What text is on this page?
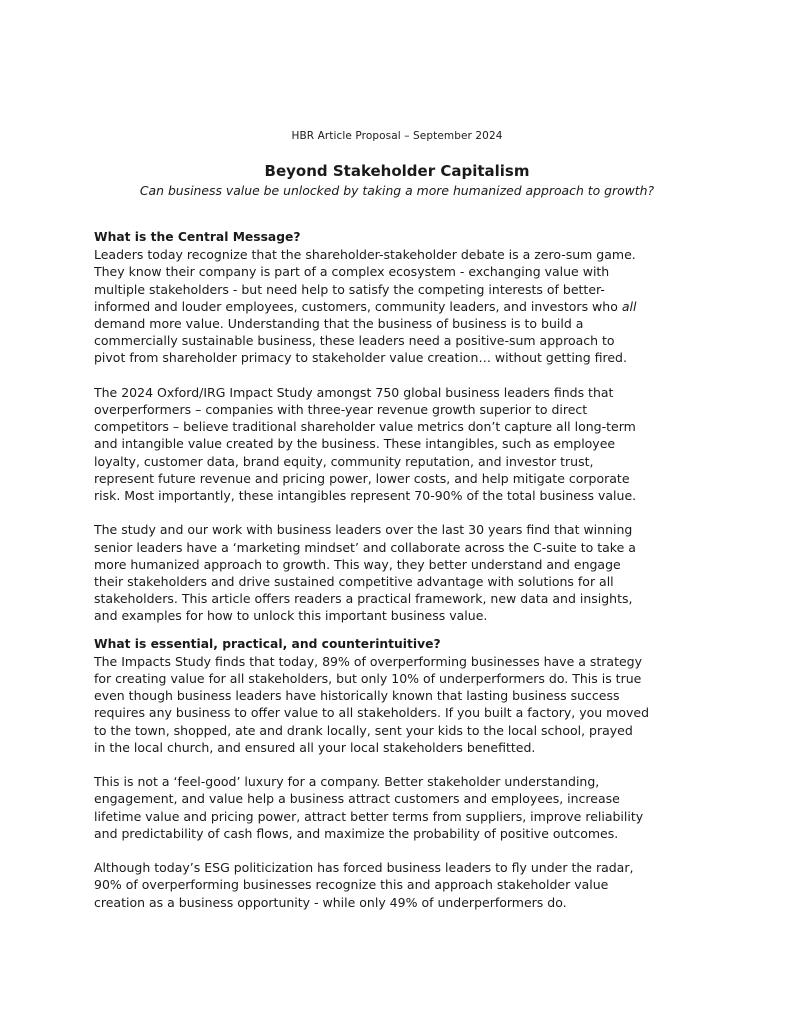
HBR Article Proposal – September 2024
Beyond Stakeholder Capitalism
Can business value be unlocked by taking a more humanized approach to growth?
What is the Central Message?

Leaders today recognize that the shareholder-stakeholder debate is a zero-sum game.
They know their company is part of a complex ecosystem - exchanging value with
multiple stakeholders - but need help to satisfy the competing interests of better-
informed and louder employees, customers, community leaders, and investors who all
demand more value. Understanding that the business of business is to build a
commercially sustainable business, these leaders need a positive-sum approach to
pivot from shareholder primacy to stakeholder value creation… without getting fired.

The 2024 Oxford/IRG Impact Study amongst 750 global business leaders finds that
overperformers – companies with three-year revenue growth superior to direct
competitors – believe traditional shareholder value metrics don’t capture all long-term
and intangible value created by the business. These intangibles, such as employee
loyalty, customer data, brand equity, community reputation, and investor trust,
represent future revenue and pricing power, lower costs, and help mitigate corporate
risk. Most importantly, these intangibles represent 70-90% of the total business value.

The study and our work with business leaders over the last 30 years find that winning
senior leaders have a ‘marketing mindset’ and collaborate across the C-suite to take a
more humanized approach to growth. This way, they better understand and engage
their stakeholders and drive sustained competitive advantage with solutions for all
stakeholders. This article offers readers a practical framework, new data and insights,
and examples for how to unlock this important business value.

What is essential, practical, and counterintuitive?

The Impacts Study finds that today, 89% of overperforming businesses have a strategy
for creating value for all stakeholders, but only 10% of underperformers do. This is true
even though business leaders have historically known that lasting business success
requires any business to offer value to all stakeholders. If you built a factory, you moved
to the town, shopped, ate and drank locally, sent your kids to the local school, prayed
in the local church, and ensured all your local stakeholders benefitted.

This is not a ‘feel-good’ luxury for a company. Better stakeholder understanding,
engagement, and value help a business attract customers and employees, increase
lifetime value and pricing power, attract better terms from suppliers, improve reliability
and predictability of cash flows, and maximize the probability of positive outcomes.

Although today’s ESG politicization has forced business leaders to fly under the radar,
90% of overperforming businesses recognize this and approach stakeholder value
creation as a business opportunity - while only 49% of underperformers do.
